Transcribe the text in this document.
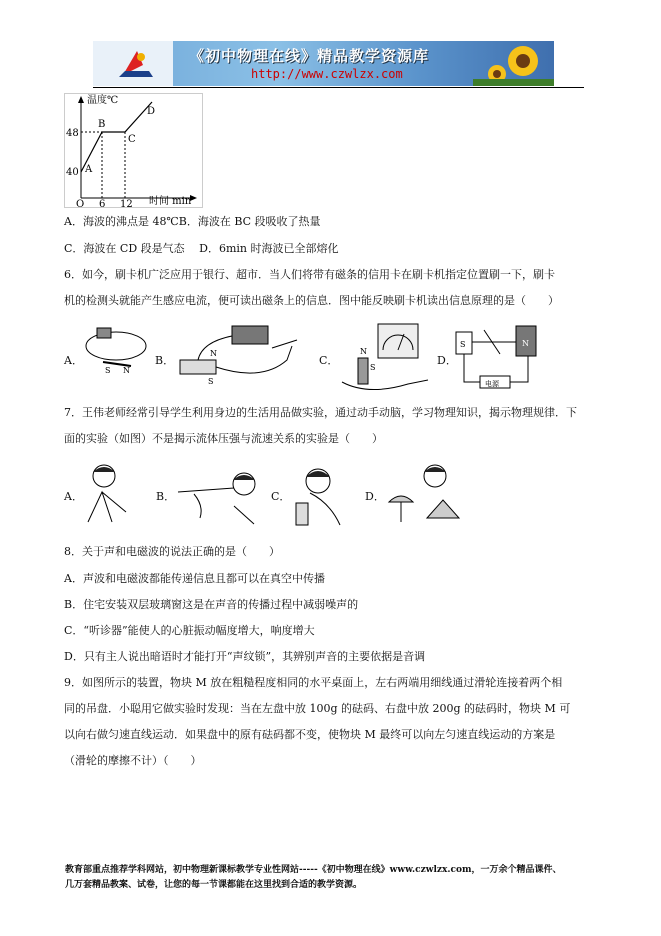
《初中物理在线》精品教学资源库
http://www.czwlzx.com
温度℃
时间 min
48
40
O 6 12
A
B
C
D
A．海波的沸点是 48℃B．海波在 BC 段吸收了热量
C．海波在 CD 段是气态　 D．6min 时海波已全部熔化
6．如今，刷卡机广泛应用于银行、超市．当人们将带有磁条的信用卡在刷卡机指定位置刷一下，刷卡
机的检测头就能产生感应电流，便可读出磁条上的信息．图中能反映刷卡机读出信息原理的是（　　）
A．
S N
B．
N
S
C．
N
S
D．
S	N
电源
7．王伟老师经常引导学生利用身边的生活用品做实验，通过动手动脑，学习物理知识，揭示物理规律．下
面的实验（如图）不是揭示流体压强与流速关系的实验是（　　）
A．	B．	C．	D．
8．关于声和电磁波的说法正确的是（　　）
A．声波和电磁波都能传递信息且都可以在真空中传播
B．住宅安装双层玻璃窗这是在声音的传播过程中减弱噪声的
C．“听诊器”能使人的心脏振动幅度增大，响度增大
D．只有主人说出暗语时才能打开“声纹锁”，其辨别声音的主要依据是音调
9．如图所示的装置，物块 M 放在粗糙程度相同的水平桌面上，左右两端用细线通过滑轮连接着两个相
同的吊盘．小聪用它做实验时发现：当在左盘中放 100g 的砝码、右盘中放 200g 的砝码时，物块 M 可
以向右做匀速直线运动．如果盘中的原有砝码都不变，使物块 M 最终可以向左匀速直线运动的方案是
（滑轮的摩擦不计）（　　）
教育部重点推荐学科网站，初中物理新课标教学专业性网站-----《初中物理在线》www.czwlzx.com，一万余个精品课件、
几万套精品教案、试卷，让您的每一节课都能在这里找到合适的教学资源。
